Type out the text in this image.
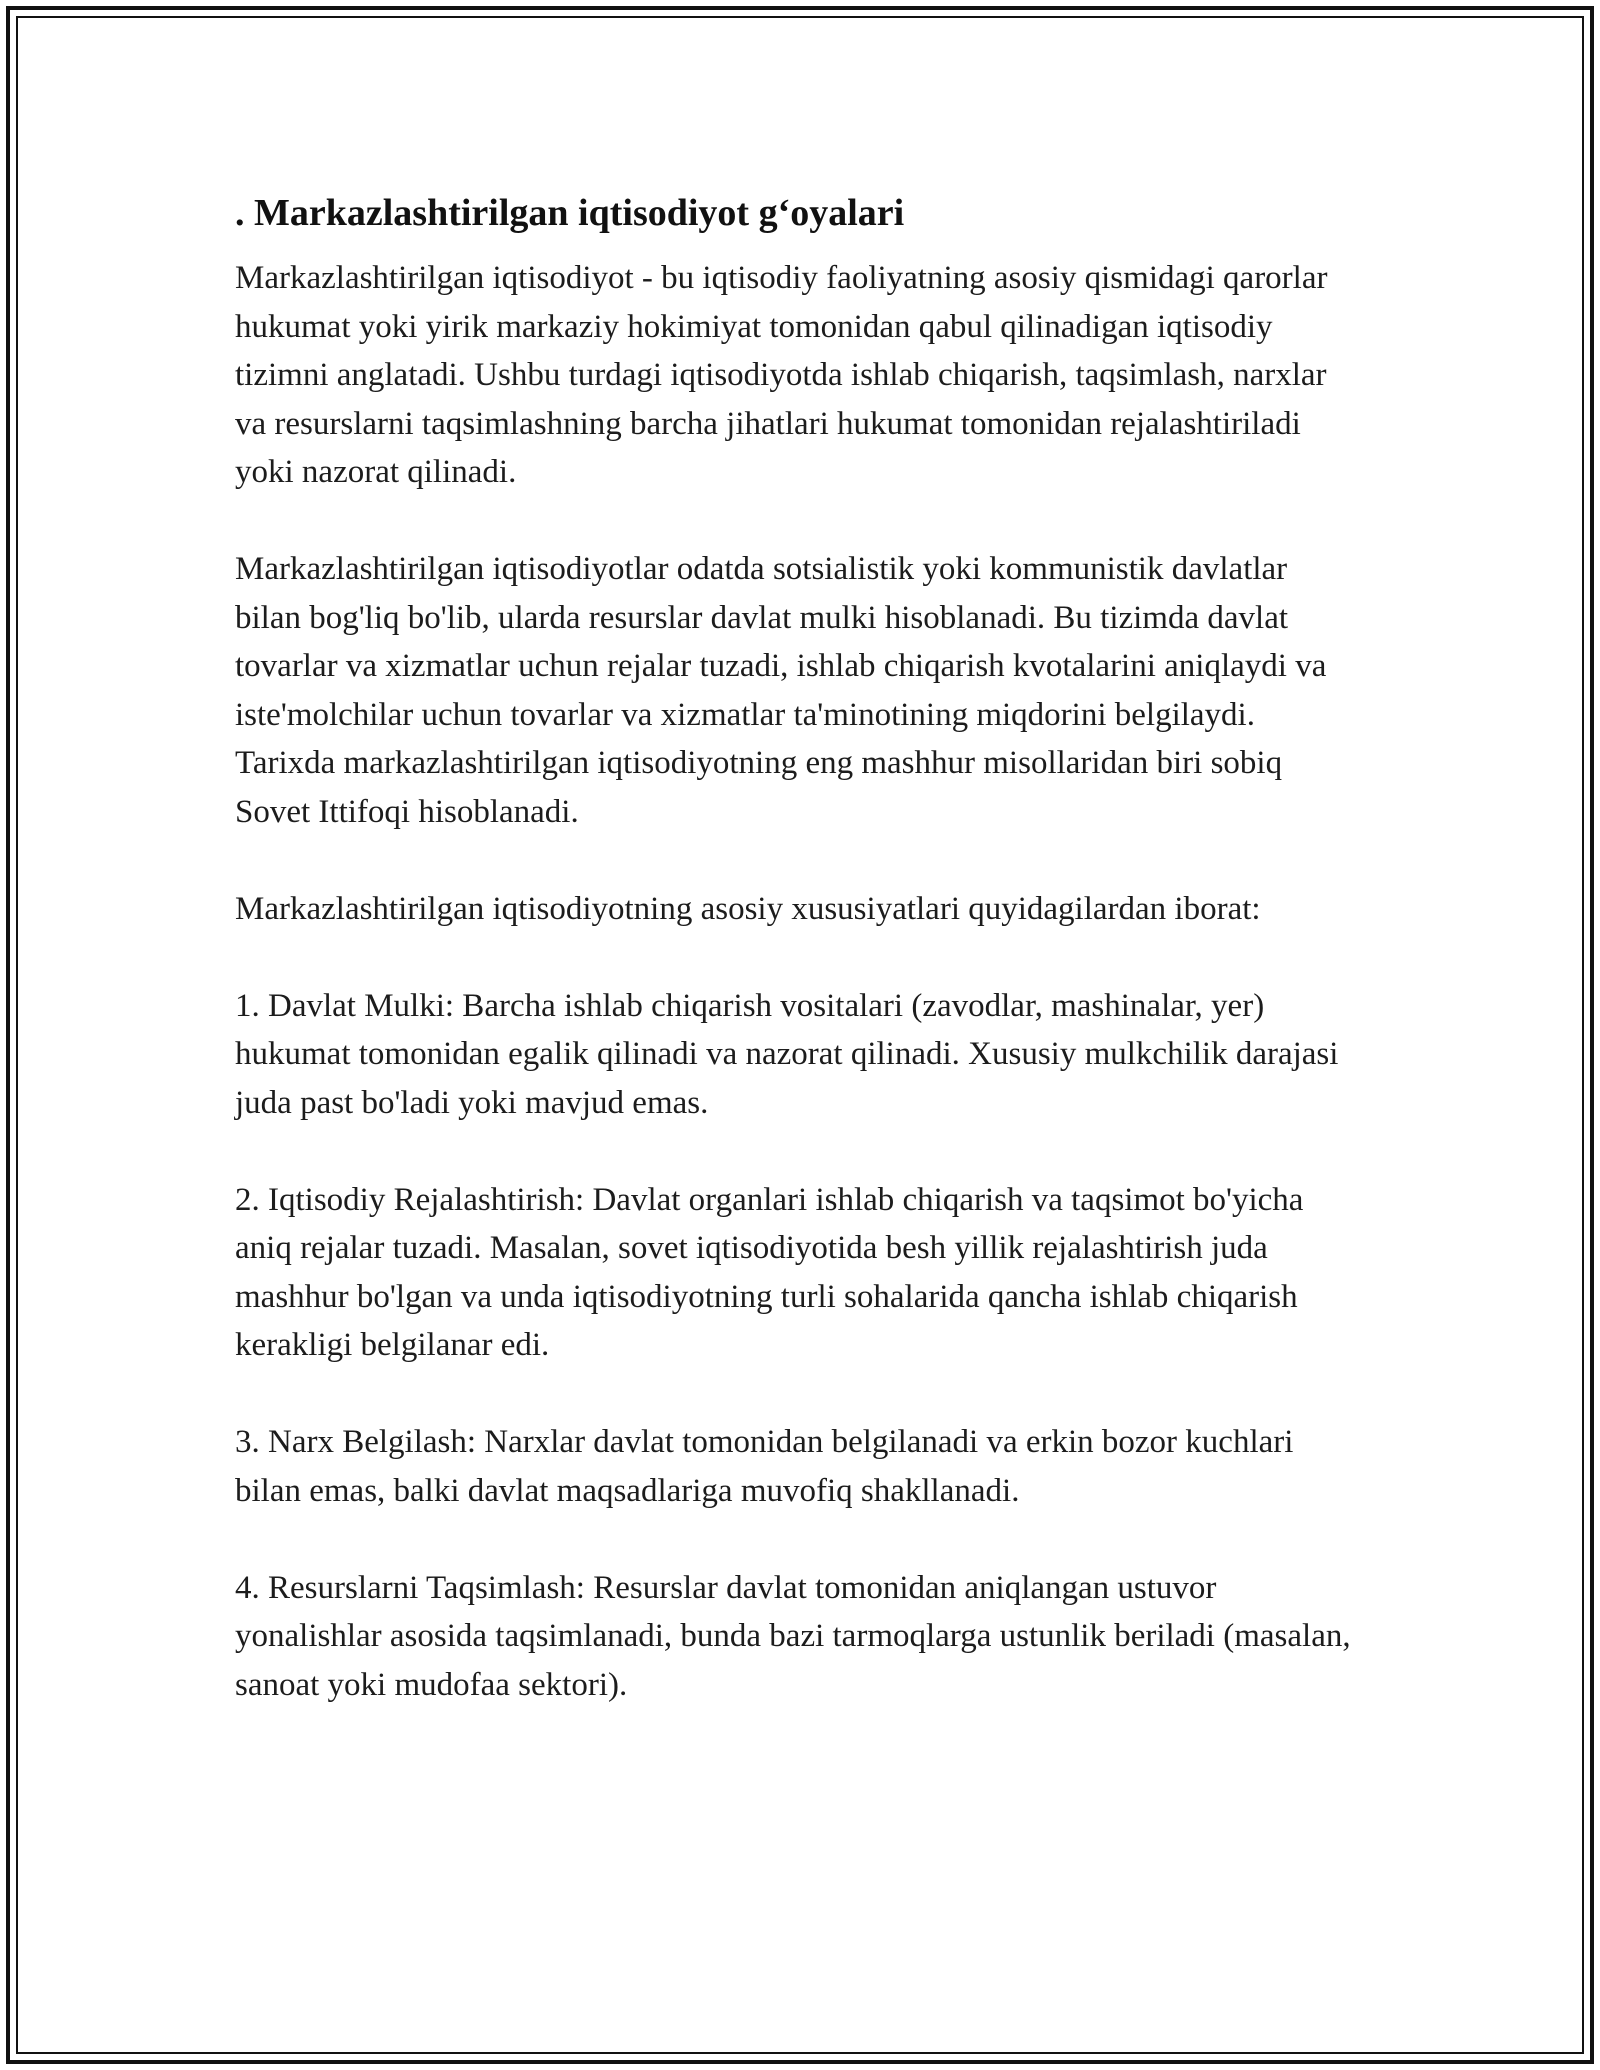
. Markazlashtirilgan iqtisodiyot g‘oyalari

Markazlashtirilgan iqtisodiyot - bu iqtisodiy faoliyatning asosiy qismidagi qarorlar hukumat yoki yirik markaziy hokimiyat tomonidan qabul qilinadigan iqtisodiy tizimni anglatadi. Ushbu turdagi iqtisodiyotda ishlab chiqarish, taqsimlash, narxlar va resurslarni taqsimlashning barcha jihatlari hukumat tomonidan rejalashtiriladi yoki nazorat qilinadi.

Markazlashtirilgan iqtisodiyotlar odatda sotsialistik yoki kommunistik davlatlar bilan bog'liq bo'lib, ularda resurslar davlat mulki hisoblanadi. Bu tizimda davlat tovarlar va xizmatlar uchun rejalar tuzadi, ishlab chiqarish kvotalarini aniqlaydi va iste'molchilar uchun tovarlar va xizmatlar ta'minotining miqdorini belgilaydi. Tarixda markazlashtirilgan iqtisodiyotning eng mashhur misollaridan biri sobiq Sovet Ittifoqi hisoblanadi.

Markazlashtirilgan iqtisodiyotning asosiy xususiyatlari quyidagilardan iborat:

1. Davlat Mulki: Barcha ishlab chiqarish vositalari (zavodlar, mashinalar, yer) hukumat tomonidan egalik qilinadi va nazorat qilinadi. Xususiy mulkchilik darajasi juda past bo'ladi yoki mavjud emas.

2. Iqtisodiy Rejalashtirish: Davlat organlari ishlab chiqarish va taqsimot bo'yicha aniq rejalar tuzadi. Masalan, sovet iqtisodiyotida besh yillik rejalashtirish juda mashhur bo'lgan va unda iqtisodiyotning turli sohalarida qancha ishlab chiqarish kerakligi belgilanar edi.

3. Narx Belgilash: Narxlar davlat tomonidan belgilanadi va erkin bozor kuchlari bilan emas, balki davlat maqsadlariga muvofiq shakllanadi.

4. Resurslarni Taqsimlash: Resurslar davlat tomonidan aniqlangan ustuvor yonalishlar asosida taqsimlanadi, bunda bazi tarmoqlarga ustunlik beriladi (masalan, sanoat yoki mudofaa sektori).
